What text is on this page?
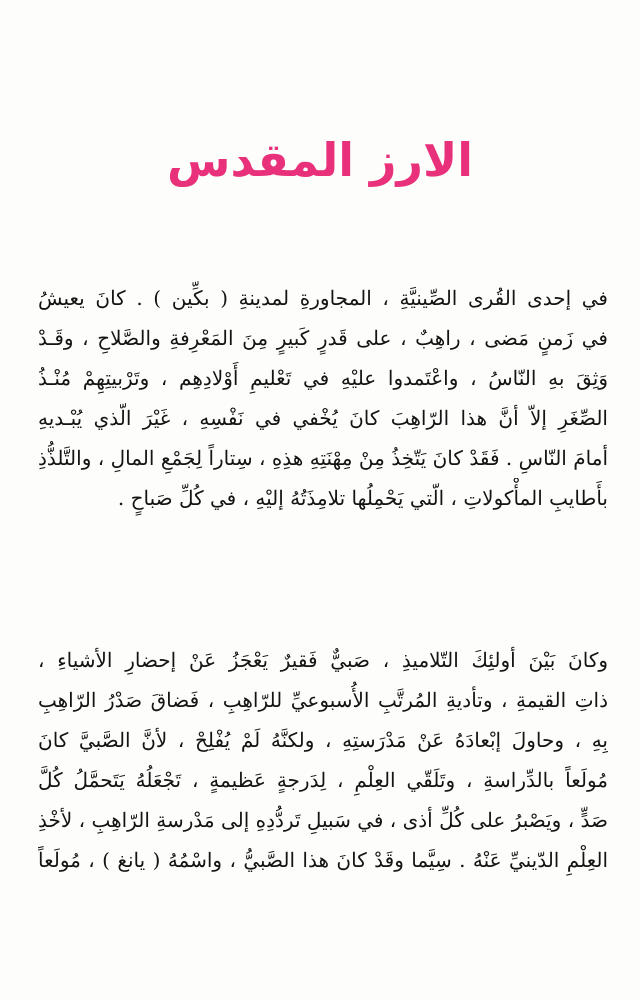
الارز المقدس

في إحدى القُرى الصِّينيَّةِ ، المجاورةِ لمدينةِ ( بكِّين ) . كانَ يعيشُ
في زَمنٍ مَضى ، راهِبٌ ، على قَدرٍ كَبيرٍ مِنَ المَعْرِفةِ والصَّلاحِ ، وقَـدْ
وَثِقَ بهِ النّاسُ ، واعْتَمدوا عليْهِ في تَعْليمِ أَوْلادِهِم ، وتَرْبيتِهِمْ مُنْـذُ
الصِّغَرِ إلاّ أنَّ هذا الرّاهِبَ كانَ يُخْفي في نَفْسِهِ ، غَيْرَ الّذي يُبْـديهِ
أمامَ النّاسِ . فَقَدْ كانَ يَتّخِذُ مِنْ مِهْنَتِهِ هذِهِ ، سِتاراً لِجَمْعِ المالِ ، والتَّلذُّذِ
بأَطايبِ المأْكولاتِ ، الّتي يَحْمِلُها تلامِذَتُهُ إليْهِ ، في كُلِّ صَباحٍ .

وكانَ بَيْنَ أولئِكَ التّلاميذِ ، صَبيٌّ فَقيرٌ يَعْجَزُ عَنْ إحضارِ الأشياءِ ،
ذاتِ القيمةِ ، وتأديةِ المُرتَّبِ الأُسبوعيِّ للرّاهِبِ ، فَضاقَ صَدْرُ الرّاهِبِ
بِهِ ، وحاولَ إبْعادَهُ عَنْ مَدْرَستِهِ ، ولكنَّهُ لَمْ يُفْلِحْ ، لأنَّ الصَّبيَّ كانَ
مُولَعاً بالدِّراسةِ ، وتَلَقّي العِلْمِ ، لِدَرجةٍ عَظيمةٍ ، تَجْعَلُهُ يَتَحمَّلُ كُلَّ
صَدٍّ ، ويَصْبرُ على كُلِّ أذى ، في سَبيلِ تَردُّدِهِ إلى مَدْرسةِ الرّاهِبِ ، لأخْذِ
العِلْمِ الدّينيِّ عَنْهُ . سِيَّما وقَدْ كانَ هذا الصَّبيُّ ، واسْمُهُ ( يانغ ) ، مُولَعاً
